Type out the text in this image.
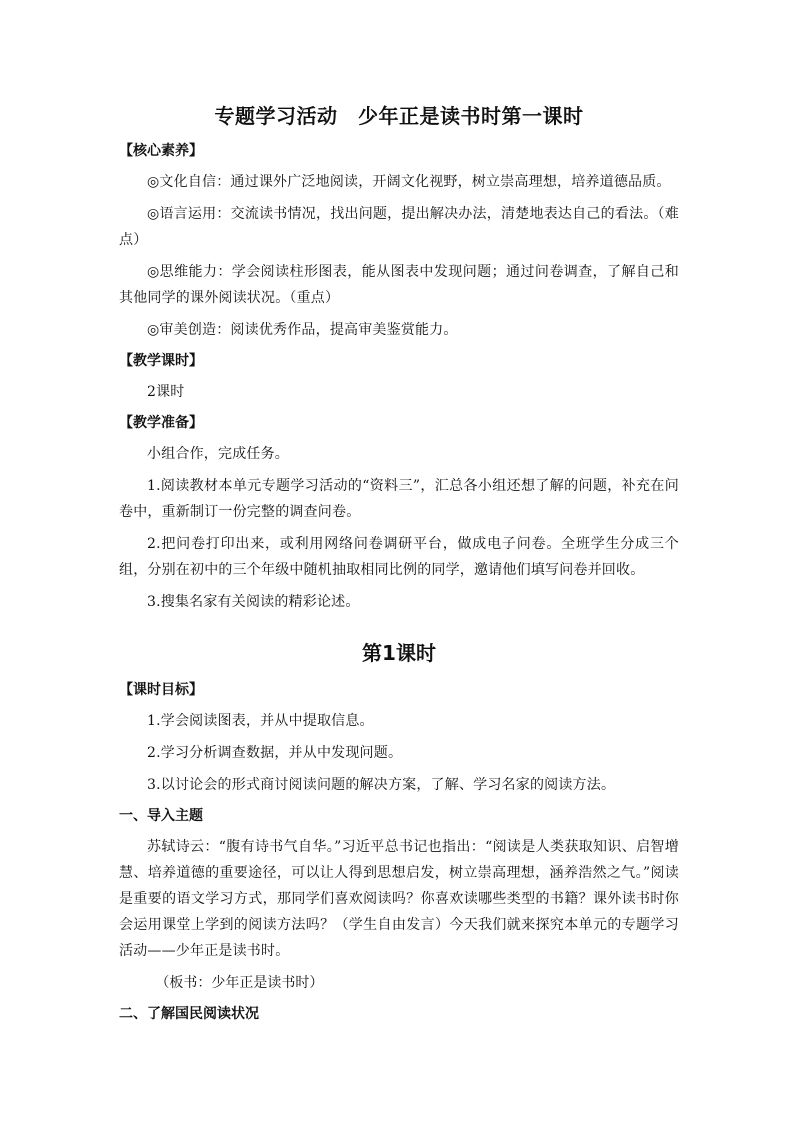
专题学习活动　少年正是读书时第一课时
【核心素养】

◎文化自信：通过课外广泛地阅读，开阔文化视野，树立崇高理想，培养道德品质。

◎语言运用：交流读书情况，找出问题，提出解决办法，清楚地表达自己的看法。（难点）

◎思维能力：学会阅读柱形图表，能从图表中发现问题；通过问卷调查，了解自己和其他同学的课外阅读状况。（重点）

◎审美创造：阅读优秀作品，提高审美鉴赏能力。

【教学课时】

2课时

【教学准备】

小组合作，完成任务。

1.阅读教材本单元专题学习活动的“资料三”，汇总各小组还想了解的问题，补充在问卷中，重新制订一份完整的调查问卷。

2.把问卷打印出来，或利用网络问卷调研平台，做成电子问卷。全班学生分成三个组，分别在初中的三个年级中随机抽取相同比例的同学，邀请他们填写问卷并回收。

3.搜集名家有关阅读的精彩论述。

第1课时
【课时目标】

1.学会阅读图表，并从中提取信息。

2.学习分析调查数据，并从中发现问题。

3.以讨论会的形式商讨阅读问题的解决方案，了解、学习名家的阅读方法。

一、导入主题

苏轼诗云：“腹有诗书气自华。”习近平总书记也指出：“阅读是人类获取知识、启智增慧、培养道德的重要途径，可以让人得到思想启发，树立崇高理想，涵养浩然之气。”阅读是重要的语文学习方式，那同学们喜欢阅读吗？你喜欢读哪些类型的书籍？课外读书时你会运用课堂上学到的阅读方法吗？（学生自由发言）今天我们就来探究本单元的专题学习活动——少年正是读书时。

（板书：少年正是读书时）

二、了解国民阅读状况
